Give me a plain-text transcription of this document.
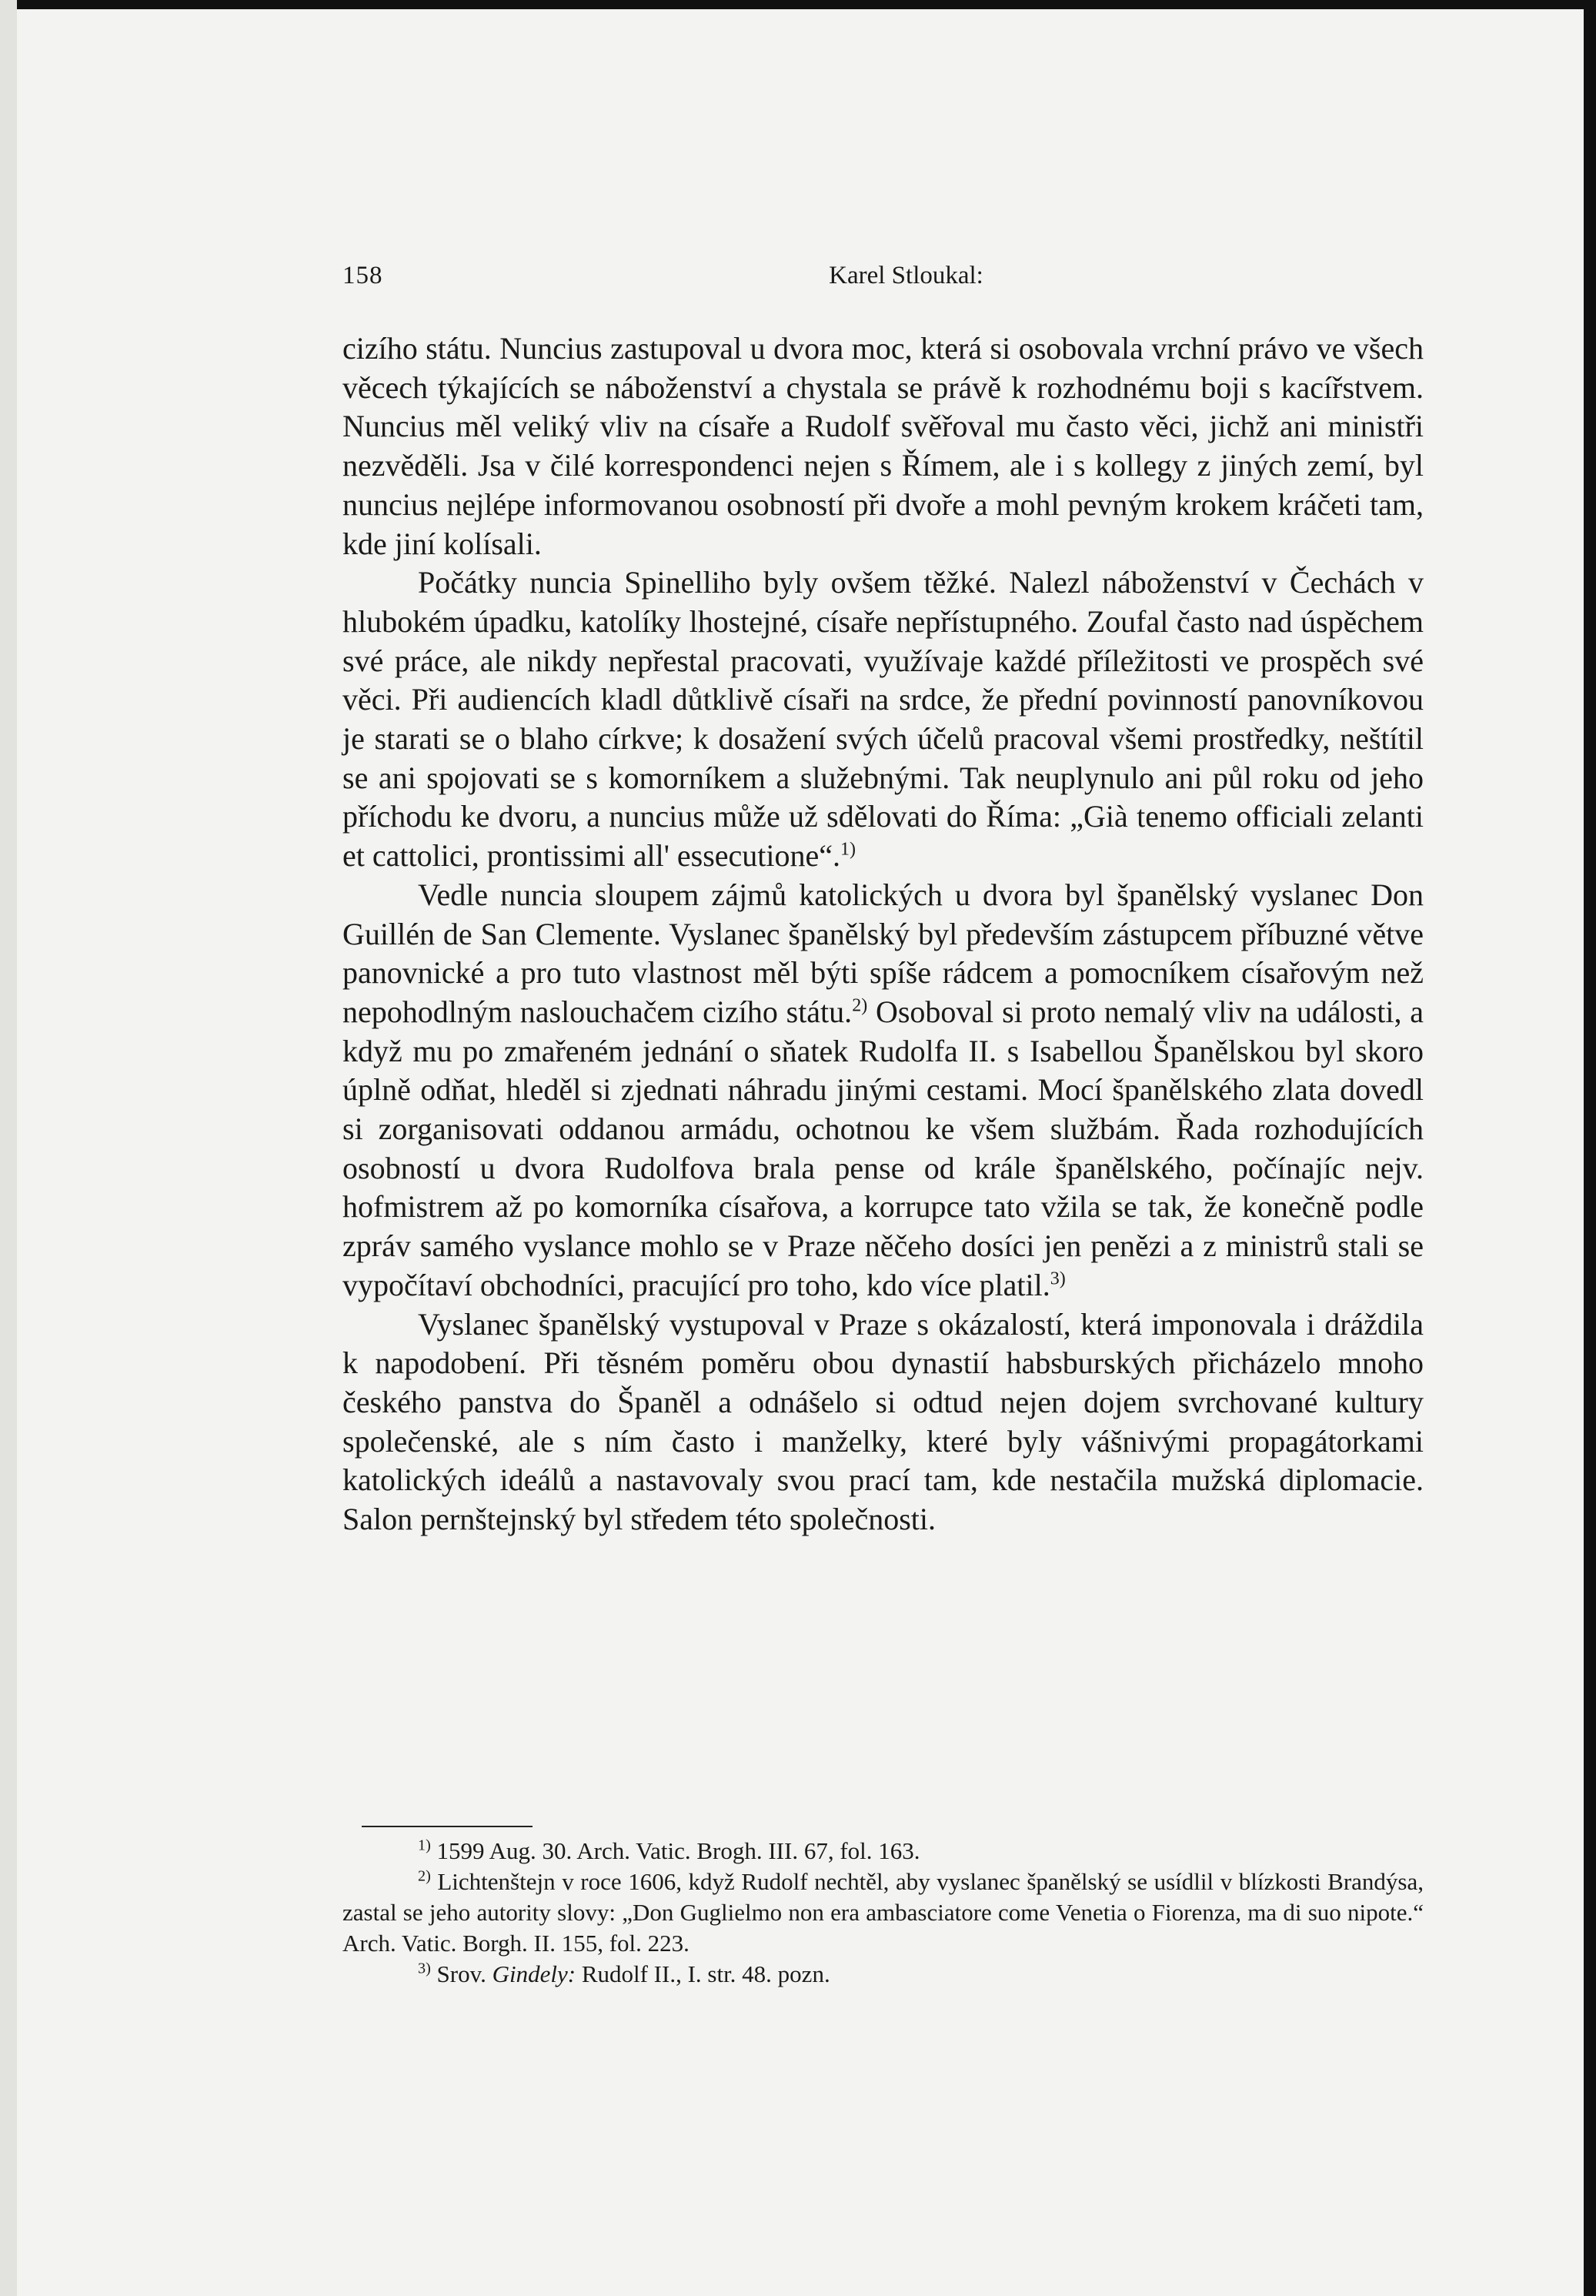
158	Karel Stloukal:

cizího státu. Nuncius zastupoval u dvora moc, která si osobovala vrchní právo ve všech věcech týkajících se náboženství a chystala se právě k rozhodnému boji s kacířstvem. Nuncius měl veliký vliv na císaře a Rudolf svěřoval mu často věci, jichž ani ministři nezvěděli. Jsa v čilé korrespondenci nejen s Římem, ale i s kollegy z jiných zemí, byl nuncius nejlépe informovanou osobností při dvoře a mohl pevným krokem kráčeti tam, kde jiní kolísali.

Počátky nuncia Spinelliho byly ovšem těžké. Nalezl náboženství v Čechách v hlubokém úpadku, katolíky lhostejné, císaře nepřístupného. Zoufal často nad úspěchem své práce, ale nikdy nepřestal pracovati, využívaje každé příležitosti ve prospěch své věci. Při audiencích kladl důtklivě císaři na srdce, že přední povinností panovníkovou je starati se o blaho církve; k dosažení svých účelů pracoval všemi prostředky, neštítil se ani spojovati se s komorníkem a služebnými. Tak neuplynulo ani půl roku od jeho příchodu ke dvoru, a nuncius může už sdělovati do Říma: „Già tenemo officiali zelanti et cattolici, prontissimi all' essecutione“.$^{1)}$

Vedle nuncia sloupem zájmů katolických u dvora byl španělský vyslanec Don Guillén de San Clemente. Vyslanec španělský byl především zástupcem příbuzné větve panovnické a pro tuto vlastnost měl býti spíše rádcem a pomocníkem císařovým než nepohodlným naslouchačem cizího státu.$^{2)}$ Osoboval si proto nemalý vliv na události, a když mu po zmařeném jednání o sňatek Rudolfa II. s Isabellou Španělskou byl skoro úplně odňat, hleděl si zjednati náhradu jinými cestami. Mocí španělského zlata dovedl si zorganisovati oddanou armádu, ochotnou ke všem službám. Řada rozhodujících osobností u dvora Rudolfova brala pense od krále španělského, počínajíc nejv. hofmistrem až po komorníka císařova, a korrupce tato vžila se tak, že konečně podle zpráv samého vyslance mohlo se v Praze něčeho dosíci jen penězi a z ministrů stali se vypočítaví obchodníci, pracující pro toho, kdo více platil.$^{3)}$

Vyslanec španělský vystupoval v Praze s okázalostí, která imponovala i dráždila k napodobení. Při těsném poměru obou dynastií habsburských přicházelo mnoho českého panstva do Španěl a odnášelo si odtud nejen dojem svrchované kultury společenské, ale s ním často i manželky, které byly vášnivými propagátorkami katolických ideálů a nastavovaly svou prací tam, kde nestačila mužská diplomacie. Salon pernštejnský byl středem této společnosti.

$^{1)}$ 1599 Aug. 30. Arch. Vatic. Brogh. III. 67, fol. 163.

$^{2)}$ Lichtenštejn v roce 1606, když Rudolf nechtěl, aby vyslanec španělský se usídlil v blízkosti Brandýsa, zastal se jeho autority slovy: „Don Guglielmo non era ambasciatore come Venetia o Fiorenza, ma di suo nipote.“ Arch. Vatic. Borgh. II. 155, fol. 223.

$^{3)}$ Srov. Gindely: Rudolf II., I. str. 48. pozn.
